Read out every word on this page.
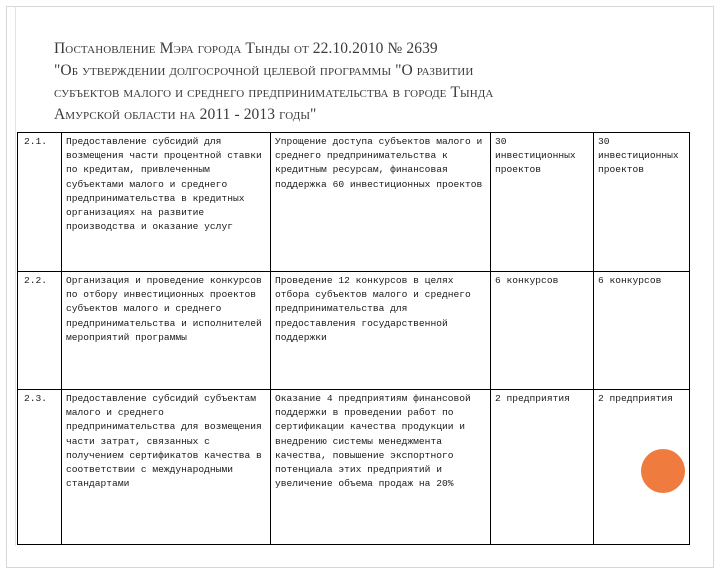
Постановление Мэра города Тынды от 22.10.2010 № 2639

"Об утверждении долгосрочной целевой программы "О развитии

субъектов малого и среднего предпринимательства в городе Тында

Амурской области на 2011 - 2013 годы"

2.1.	Предоставление субсидий для возмещения части процентной ставки по кредитам, привлеченным субъектами малого и среднего предпринимательства в кредитных организациях на развитие производства и оказание услуг	Упрощение доступа субъектов малого и среднего предпринимательства к кредитным ресурсам, финансовая поддержка 60 инвестиционных проектов	30 инвестиционных проектов	30 инвестиционных проектов
2.2.	Организация и проведение конкурсов по отбору инвестиционных проектов субъектов малого и среднего предпринимательства и исполнителей мероприятий программы	Проведение 12 конкурсов в целях отбора субъектов малого и среднего предпринимательства для предоставления государственной поддержки	6 конкурсов	6 конкурсов
2.3.	Предоставление субсидий субъектам малого и среднего предпринимательства для возмещения части затрат, связанных с получением сертификатов качества в соответствии с международными стандартами	Оказание 4 предприятиям финансовой поддержки в проведении работ по сертификации качества продукции и внедрению системы менеджмента качества, повышение экспортного потенциала этих предприятий и увеличение объема продаж на 20%	2 предприятия	2 предприятия
